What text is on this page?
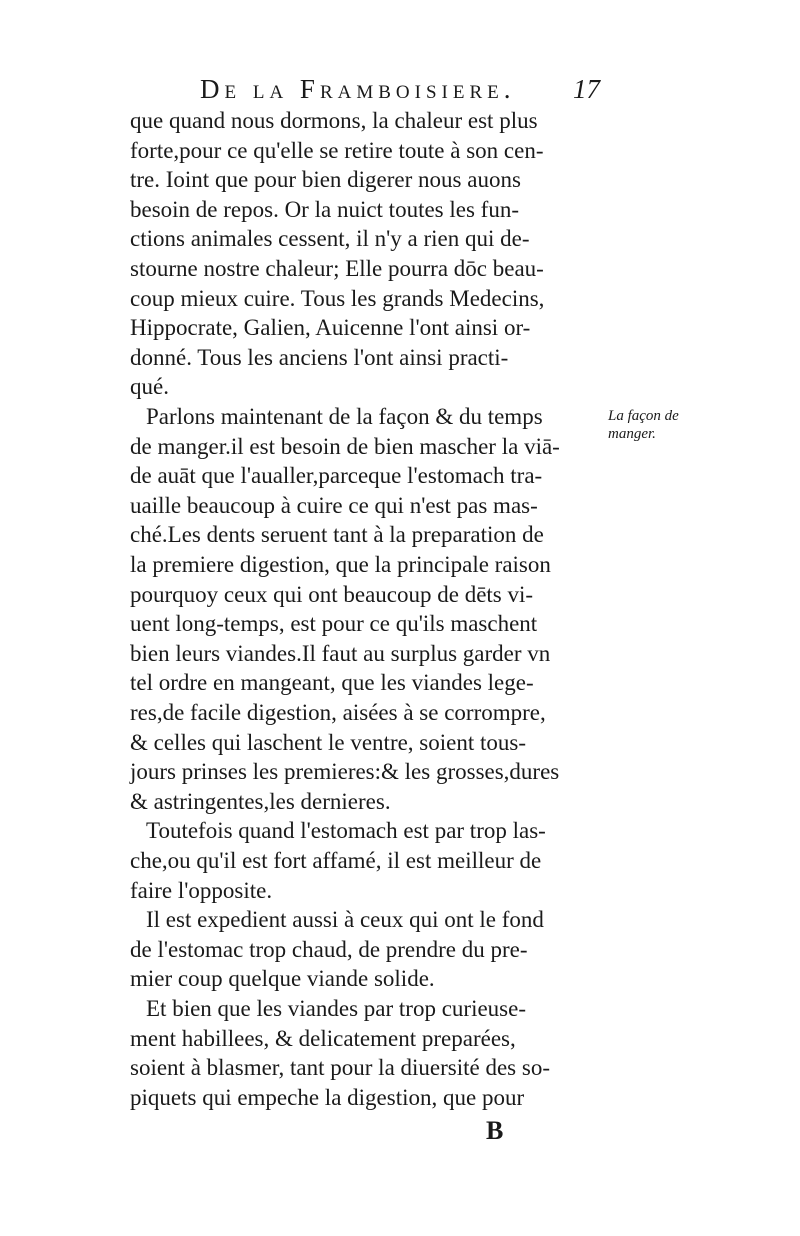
De la Framboisiere. 17
que quand nous dormons, la chaleur est plus
forte,pour ce qu'elle se retire toute à son cen-
tre. Ioint que pour bien digerer nous auons
besoin de repos. Or la nuict toutes les fun-
ctions animales cessent, il n'y a rien qui de-
stourne nostre chaleur; Elle pourra dōc beau-
coup mieux cuire. Tous les grands Medecins,
Hippocrate, Galien, Auicenne l'ont ainsi or-
donné. Tous les anciens l'ont ainsi practi-
qué.
Parlons maintenant de la façon & du temps
de manger.il est besoin de bien mascher la viā-
de auāt que l'aualler,parceque l'estomach tra-
uaille beaucoup à cuire ce qui n'est pas mas-
ché.Les dents seruent tant à la preparation de
la premiere digestion, que la principale raison
pourquoy ceux qui ont beaucoup de dēts vi-
uent long-temps, est pour ce qu'ils maschent
bien leurs viandes.Il faut au surplus garder vn
tel ordre en mangeant, que les viandes lege-
res,de facile digestion, aisées à se corrompre,
& celles qui laschent le ventre, soient tous-
jours prinses les premieres:& les grosses,dures
& astringentes,les dernieres.
Toutefois quand l'estomach est par trop las-
che,ou qu'il est fort affamé, il est meilleur de
faire l'opposite.
Il est expedient aussi à ceux qui ont le fond
de l'estomac trop chaud, de prendre du pre-
mier coup quelque viande solide.
Et bien que les viandes par trop curieuse-
ment habillees, & delicatement preparées,
soient à blasmer, tant pour la diuersité des so-
piquets qui empeche la digestion, que pour
La façon de
manger.
B
